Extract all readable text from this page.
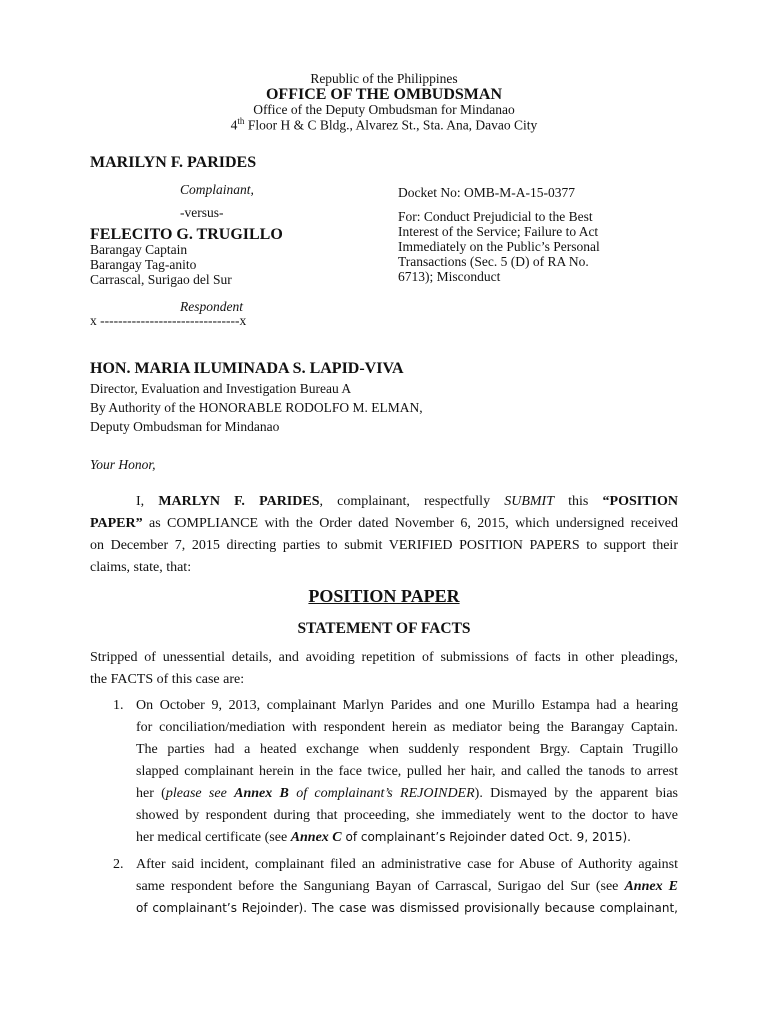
Republic of the Philippines
OFFICE OF THE OMBUDSMAN
Office of the Deputy Ombudsman for Mindanao
4th Floor H & C Bldg., Alvarez St., Sta. Ana, Davao City
MARILYN F. PARIDES
Complainant,
-versus-
FELECITO G. TRUGILLO
Barangay Captain
Barangay Tag-anito
Carrascal, Surigao del Sur
Respondent
x -------------------------------x
Docket No: OMB-M-A-15-0377
For: Conduct Prejudicial to the Best
Interest of the Service; Failure to Act
Immediately on the Public’s Personal
Transactions (Sec. 5 (D) of RA No.
6713); Misconduct
HON. MARIA ILUMINADA S. LAPID-VIVA
Director, Evaluation and Investigation Bureau A
By Authority of the HONORABLE RODOLFO M. ELMAN,
Deputy Ombudsman for Mindanao
Your Honor,
I, MARLYN F. PARIDES, complainant, respectfully SUBMIT this “POSITION
PAPER” as COMPLIANCE with the Order dated November 6, 2015, which undersigned received
on December 7, 2015 directing parties to submit VERIFIED POSITION PAPERS to support their
claims, state, that:
POSITION PAPER
STATEMENT OF FACTS
Stripped of unessential details, and avoiding repetition of submissions of facts in other pleadings,
the FACTS of this case are:
1. On October 9, 2013, complainant Marlyn Parides and one Murillo Estampa had a hearing
for conciliation/mediation with respondent herein as mediator being the Barangay Captain.
The parties had a heated exchange when suddenly respondent Brgy. Captain Trugillo
slapped complainant herein in the face twice, pulled her hair, and called the tanods to arrest
her (please see Annex B of complainant’s REJOINDER). Dismayed by the apparent bias
showed by respondent during that proceeding, she immediately went to the doctor to have
her medical certificate (see Annex C of complainant’s Rejoinder dated Oct. 9, 2015).
2. After said incident, complainant filed an administrative case for Abuse of Authority against
same respondent before the Sanguniang Bayan of Carrascal, Surigao del Sur (see Annex E
of complainant’s Rejoinder). The case was dismissed provisionally because complainant,
